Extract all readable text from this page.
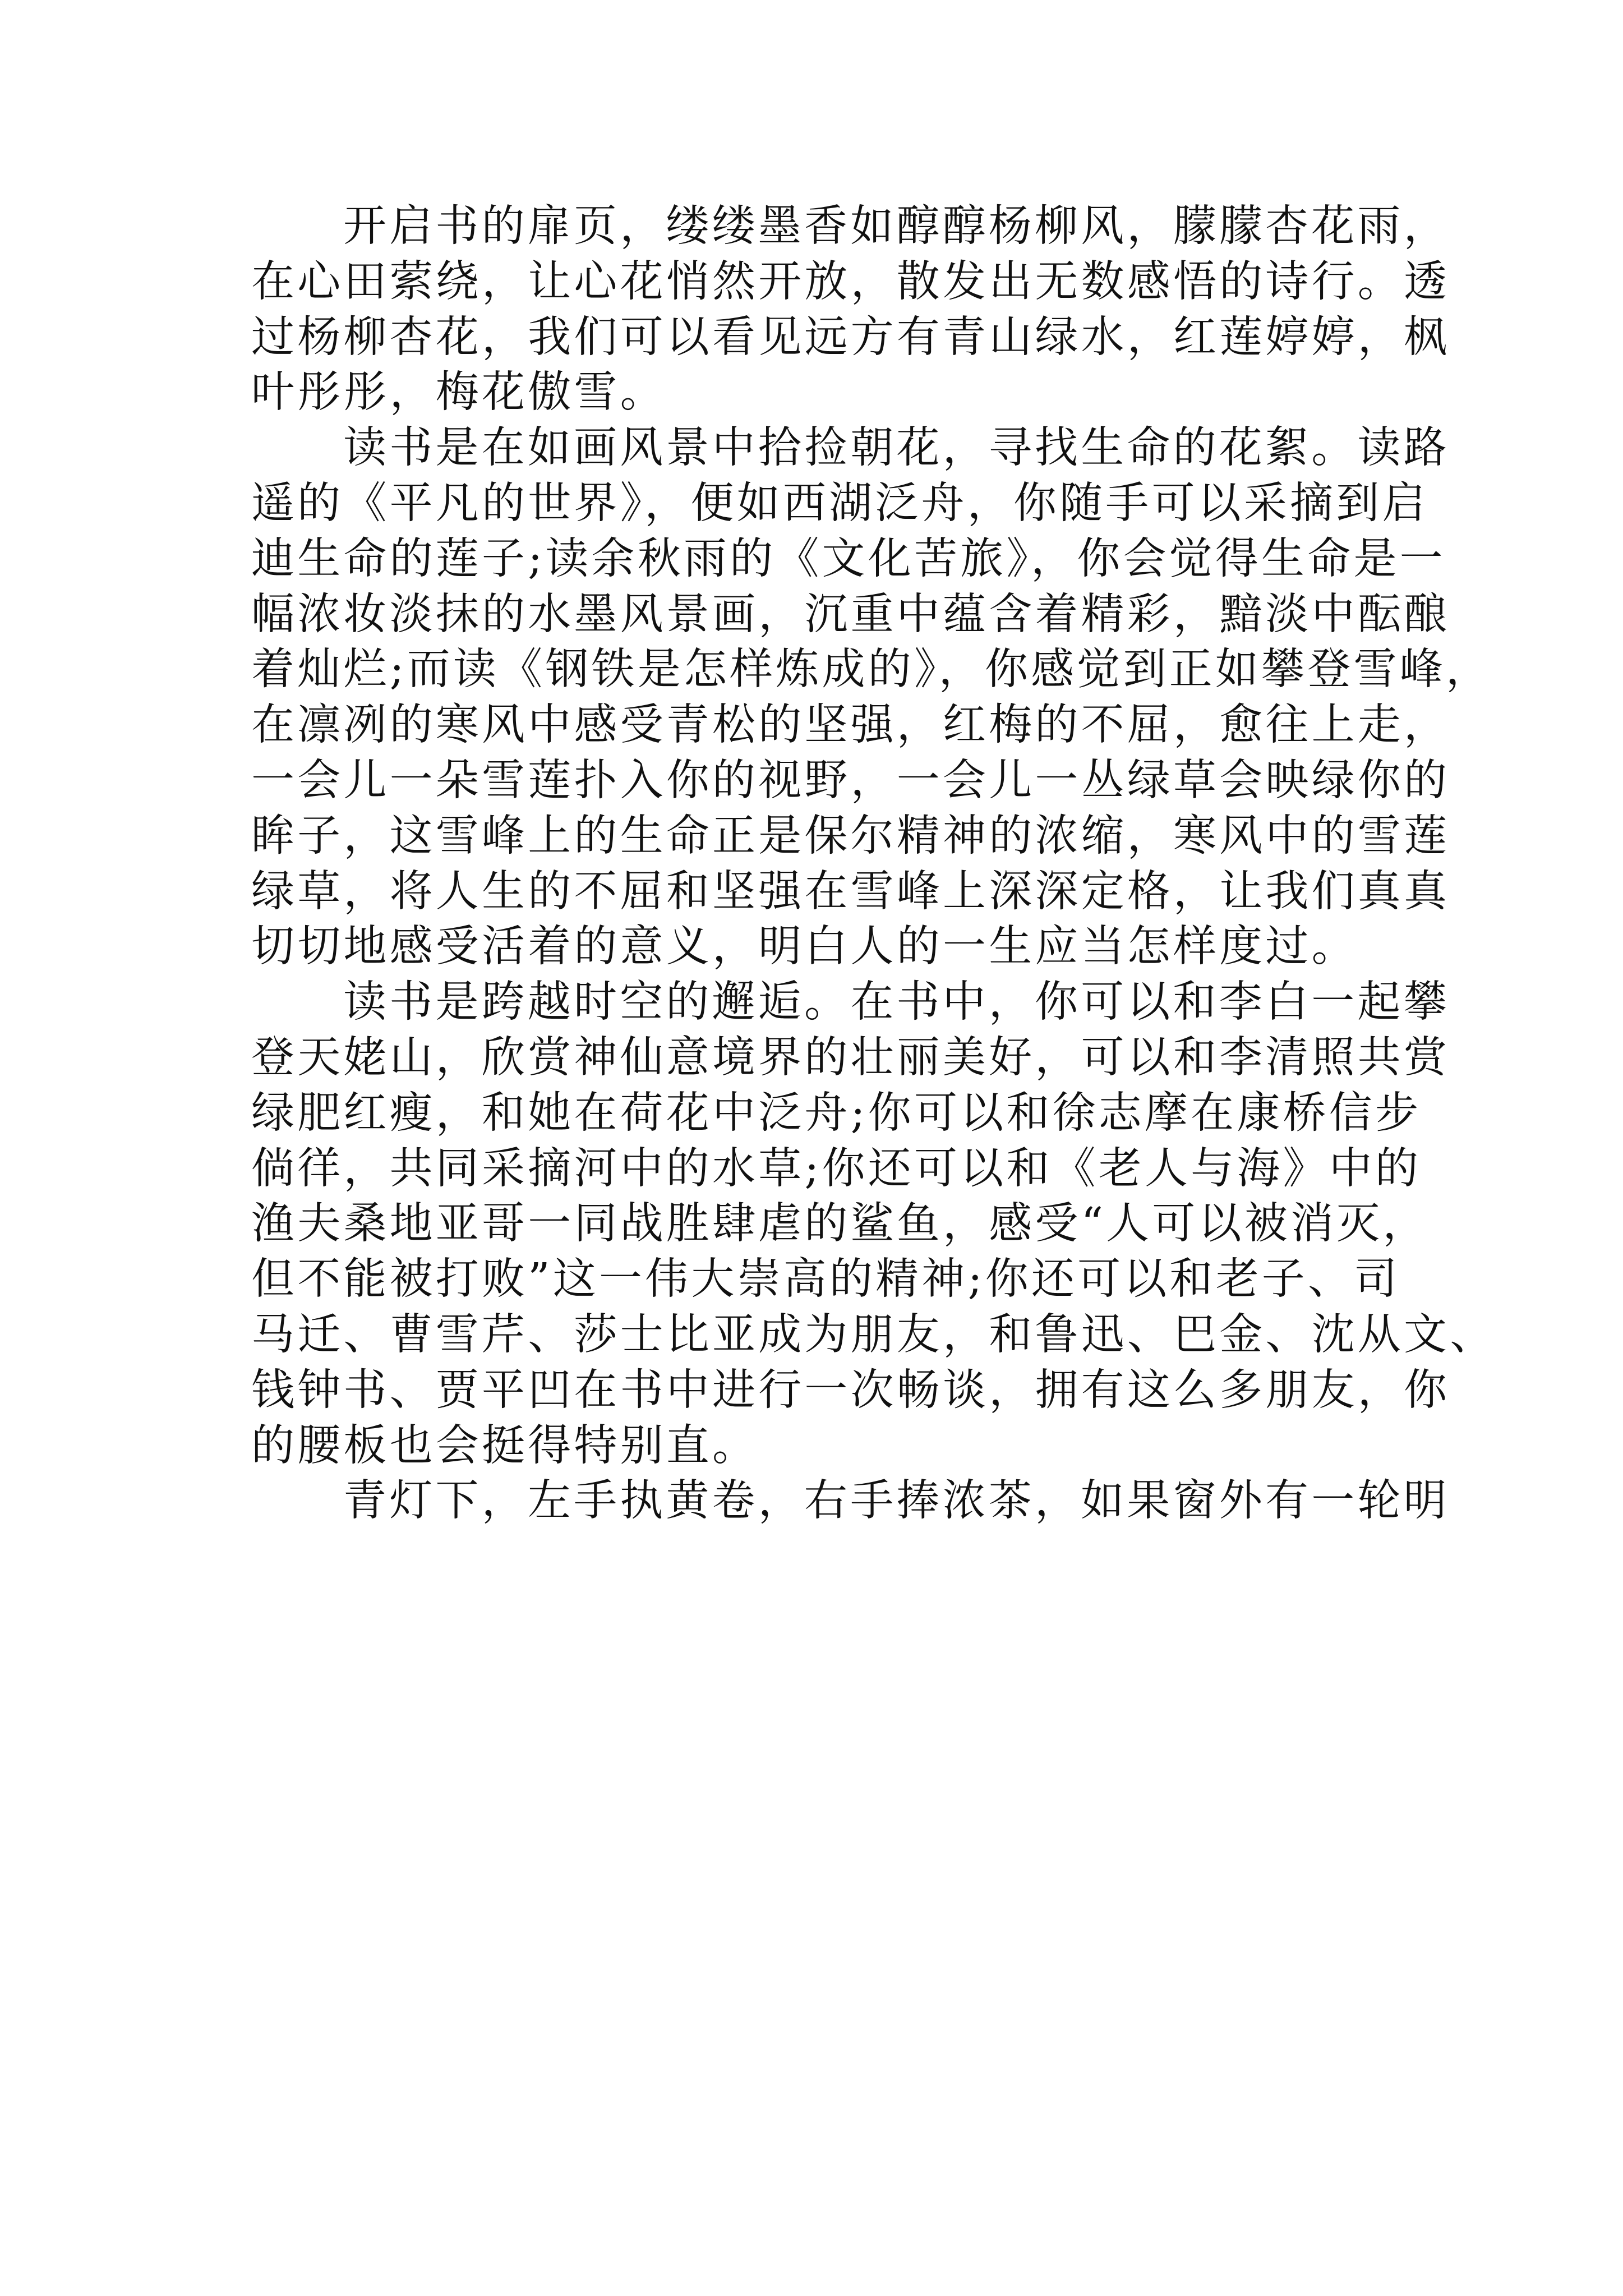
开启书的扉页，缕缕墨香如醇醇杨柳风，朦朦杏花雨，
在心田萦绕，让心花悄然开放，散发出无数感悟的诗行。透
过杨柳杏花，我们可以看见远方有青山绿水，红莲婷婷，枫
叶彤彤，梅花傲雪。
读书是在如画风景中拾捡朝花，寻找生命的花絮。读路
遥的《平凡的世界》，便如西湖泛舟，你随手可以采摘到启
迪生命的莲子;读余秋雨的《文化苦旅》，你会觉得生命是一
幅浓妆淡抹的水墨风景画，沉重中蕴含着精彩，黯淡中酝酿
着灿烂;而读《钢铁是怎样炼成的》，你感觉到正如攀登雪峰，
在凛冽的寒风中感受青松的坚强，红梅的不屈，愈往上走，
一会儿一朵雪莲扑入你的视野，一会儿一丛绿草会映绿你的
眸子，这雪峰上的生命正是保尔精神的浓缩，寒风中的雪莲
绿草，将人生的不屈和坚强在雪峰上深深定格，让我们真真
切切地感受活着的意义，明白人的一生应当怎样度过。
读书是跨越时空的邂逅。在书中，你可以和李白一起攀
登天姥山，欣赏神仙意境界的壮丽美好，可以和李清照共赏
绿肥红瘦，和她在荷花中泛舟;你可以和徐志摩在康桥信步
倘徉，共同采摘河中的水草;你还可以和《老人与海》中的
渔夫桑地亚哥一同战胜肆虐的鲨鱼，感受“人可以被消灭，
但不能被打败”这一伟大崇高的精神;你还可以和老子、司
马迁、曹雪芹、莎士比亚成为朋友，和鲁迅、巴金、沈从文、
钱钟书、贾平凹在书中进行一次畅谈，拥有这么多朋友，你
的腰板也会挺得特别直。
青灯下，左手执黄卷，右手捧浓茶，如果窗外有一轮明
